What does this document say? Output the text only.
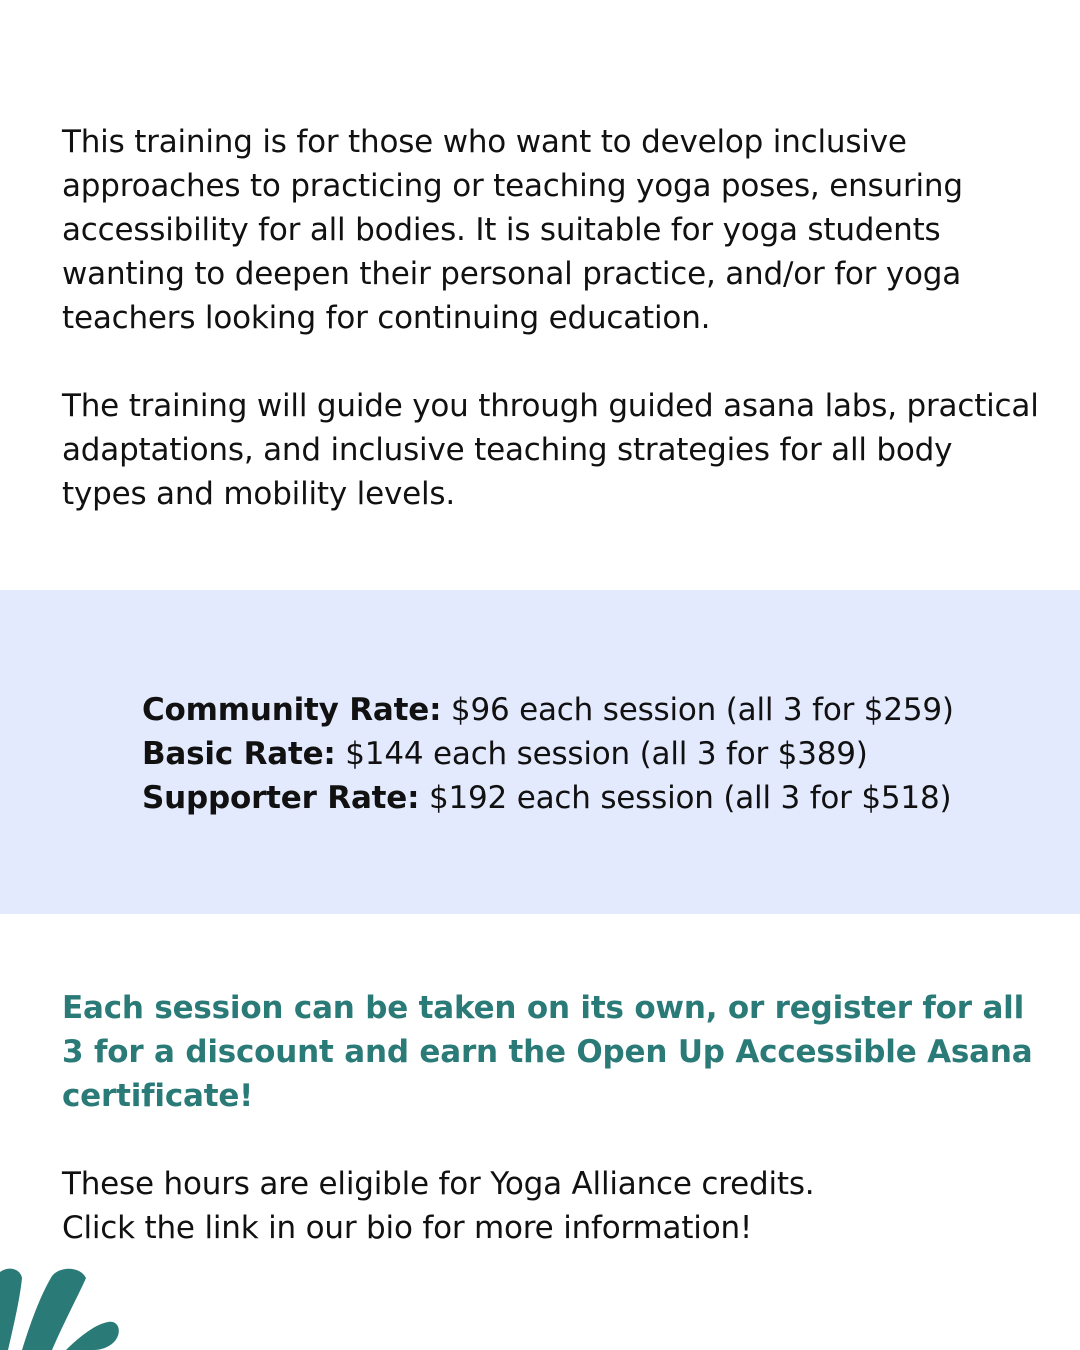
This training is for those who want to develop inclusive approaches to practicing or teaching yoga poses, ensuring accessibility for all bodies. It is suitable for yoga students wanting to deepen their personal practice, and/or for yoga teachers looking for continuing education.

The training will guide you through guided asana labs, practical adaptations, and inclusive teaching strategies for all body types and mobility levels.

Community Rate: $96 each session (all 3 for $259)
Basic Rate: $144 each session (all 3 for $389)
Supporter Rate: $192 each session (all 3 for $518)

Each session can be taken on its own, or register for all 3 for a discount and earn the Open Up Accessible Asana certificate!

These hours are eligible for Yoga Alliance credits.
Click the link in our bio for more information!
